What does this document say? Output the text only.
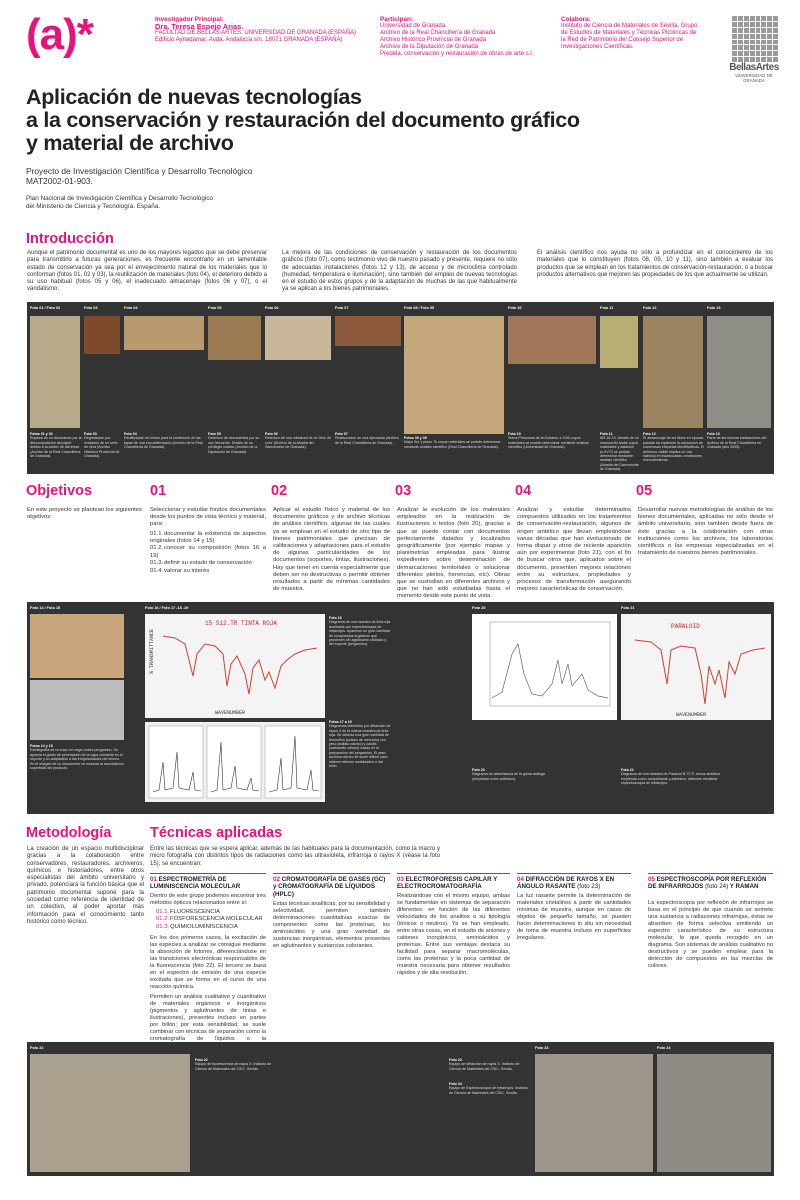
(a)*	Investigador Principal:
Dra. Teresa Espejo Arias.
FACULTAD DE BELLAS ARTES. UNIVERSIDAD DE GRANADA (ESPAÑA)
Edificio Aynadamar. Avda. Andalucía s/n. 18071 GRANADA (ESPAÑA)
Participan:
Universidad de Granada.
Archivo de la Real Chancillería de Granada
Archivo Histórico Provincial de Granada
Archivo de la Diputación de Granada
Predela, conservación y restauración de obras de arte s.l.
Colabora:
Instituto de Ciencia de Materiales de Sevilla. Grupo
de Estudios de Materiales y Técnicas Pictóricas de
la Red de Patrimonio del Consejo Superior de
Investigaciones Científicas.
BellasArtes
UNIVERSIDAD DE GRANADA
Aplicación de nuevas tecnologías
a la conservación y restauración del documento gráfico
y material de archivo
Proyecto de Investigación Científica y Desarrollo Tecnológico
MAT2002-01-903.
Plan Nacional de Investigación Científica y Desarrollo Tecnológico
del Ministerio de Ciencia y Tecnología. España.
Introducción
Aunque el patrimonio documental es uno de los mayores legados que se debe preservar para transmitirlo a futuras generaciones, es frecuente encontrarlo en un lamentable estado de conservación ya sea por el envejecimiento natural de los materiales que lo conforman (fotos 01, 02 y 03), la reutilización de materiales (foto 04), el deterioro debido a su uso habitual (fotos 05 y 06), el inadecuado almacenaje (fotos 06 y 07), o el vandalismo.
La mejora de las condiciones de conservación y restauración de los documentos gráficos (foto 07), como testimonio vivo de nuestro pasado y presente, requiere no sólo de adecuadas instalaciones (fotos 12 y 13), de acceso y de microclima controlado (humedad, temperatura e iluminación), sino también del empleo de nuevas tecnologías en el estudio de estos grupos y de la adaptación de muchas de las que habitualmente ya se aplican a los bienes patrimoniales.
El análisis científico nos ayuda no sólo a profundizar en el conocimiento de los materiales que lo constituyen (fotos 08, 09, 10 y 11), sino también a evaluar los productos que se emplean en los tratamientos de conservación-restauración, o a buscar productos alternativos que mejoren las propiedades de los que actualmente se utilizan.
Foto 01 / Foto 02	Foto 03	Foto 04	Foto 05	Foto 06	Foto 07	Foto 08 / Foto 09	Foto 10	Foto 11	Foto 12	Foto 13
Fotos 01 y 02
Ruptura de un documento por la descomposición del papel debido a la acidez de las tintas (Archivo de la Real Chancillería de Granada).
Foto 03
Degradación por oxidación de un sello de cera (Archivo Histórico Provincial de Granada).
Foto 04
Reutilización de textos para la confección de las tapas de una encuadernación (Archivo de la Real Chancillería de Granada).
Foto 05
Deterioro de documentos por su uso frecuente. Detalle de un privilegio rodado (Archivo de la Diputación de Granada).
Foto 06
Deterioro de una miniatura de un 'libro de coro' (Archivo de la Abadía del Sacromonte de Granada).
Foto 07
Restauración de una ejecutoria (Archivo de la Real Chancillería de Granada).
Fotos 08 y 09
Mapa Sur y plano 7b cuyos materiales se podrán determinar mediante análisis científico (Real Chancillería de Granada).
Foto 10
Suma Primorosa de la Guitarra, s.XVIII cuyos materiales se podrán determinar mediante análisis científico (Universidad de Granada).
Foto 11
MS 16-13. Detalle de un manuscrito árabe cuyos materiales y datación (s.XVI?) se podrán determinar mediante análisis científico (Abadía del Sacromonte de Granada).
Foto 12
El almacenaje de los libros en épocas pasada ha implicado la colocación de numerosas etiquetas identificativas. El deterioro visible implica un uso habitual en inadecuadas condiciones microclimáticas.
Foto 13
Parte de las nuevas instalaciones del Archivo de la Real Chancillería en Granada (año 2005).
Objetivos	01	02	03	04	05
En este proyecto se plantean los siguientes objetivos:
Seleccionar y estudiar fondos documentales desde los puntos de vista técnico y material, para:
01.1.documentar la existencia de aspectos originales (fotos 14 y 15)
01.2.conocer su composición (fotos 16 a 19)
01.3.definir su estado de conservación
01.4.valorar su interés
Aplicar al estudio físico y material de los documentos gráficos y de archivo técnicas de análisis científico, algunas de las cuales ya se emplean en el estudio de otro tipo de bienes patrimoniales que precisan de calibraciones y adaptaciones para el estudio de algunas particularidades de los documentos (soportes, tintas, ilustraciones). Hay que tener en cuenta especialmente que deben ser no destructivas o permitir obtener resultados a partir de mínimas cantidades de muestra.
Analizar la evolución de los materiales empleados en la realización de ilustraciones o textos (foto 20), gracias a que se puede contar con documentos perfectamente datados y localizados geográficamente (por ejemplo mapas y planimetrías empleadas para ilustrar expedientes sobre determinación de demarcaciones territoriales o solucionar diferentes pleitos, herencias, etc). Obras que se custodian en diferentes archivos y que no han sido estudiadas hasta el momento desde este punto de vista.
Analizar y estudiar determinados compuestos utilizados en los tratamientos de conservación-restauración, algunos de origen sintético que llevan empleándose varias décadas que han evolucionado de forma dispar y otros de reciente aparición aún por experimentar (foto 21), con el fin de buscar otros que, aplicados sobre el documento, presenten mejores relaciones entre su estructura, propiedades y procesos de transformación asegurando mejores características de conservación.
Desarrollar nuevas metodologías de análisis de los bienes documentales, aplicadas no sólo desde el ámbito universitario, sino también desde fuera de éste gracias a la colaboración con otras instituciones como los archivos, los laboratorios científicos o las empresas especializadas en el tratamiento de nuestros bienes patrimoniales.
Foto 14 / Foto 15	Foto 16 / Foto 17 -18 -19	Foto 20	Foto 21
15 S12.TR TINTA ROJA
WAVENUMBER
% TRANSMITTANCE
PARALOID
WAVENUMBER
Foto 16
Diagrama de una muestra de tinta roja analizada con espectroscopia de infrarrojos. Aparecen un gran cantidad de compuestos orgánicos que provienen del aglutinante utilizado y del soporte (pergamino).
Fotos 14 y 15
Estratigrafía de un trazo en negro sobre pergamino. Se aprecia el grado de penetración de la capa colorante en el soporte y su adaptación a las irregularidades del mismo. En el margen de un documento se muestra la acumulación superficial del producto.
Fotos 17 a 19
Diagramas obtenidos por difracción de rayos X de la misma muestra de tinta roja. Se detecta una gran cantidad de bermellón (sulfuro de mercurio) con yeso (sulfato cálcico) y calcita (carbonato cálcico) usado en la preparación del pergamino. El yeso alumina cálcico se suele utilizar para obtener efectos metalizados o dar brillo.
Foto 20
Diagrama de absorbancia de la goma arábiga (empleada como adhesivo).
Foto 21
Diagrama de una muestra de Paraloid B-72 ®, resina sintética empleada como consolidante y adhesivo, obtenido mediante espectroscopia de infrarrojos.
Metodología
La creación de un espacio multidisciplinar gracias a la colaboración entre conservadores, restauradores, archiveros, químicos e historiadores, entre otros especialistas del ámbito universitario y privado, potenciará la función básica que el patrimonio documental supone para la sociedad como referencia de identidad de un colectivo, al poder aportar más información para el conocimiento tanto histórico como técnico.
Técnicas aplicadas
Entre las técnicas que se espera aplicar, además de las habituales para la documentación, como la macro y micro fotografía con distintos tipos de radiaciones como las ultravioleta, infrarroja o rayos X (véase la foto 15), se encuentran:
01 ESPECTROMETRÍA DE LUMINISCENCIA MOLECULAR
Dentro de este grupo podemos encontrar tres métodos ópticos relacionados entre sí:
01.1.FLUORESCENCIA
01.2.FOSFORESCENCIA MOLECULAR
01.3.QUIMIOLUMINISCENCIA
En los dos primeros casos, la excitación de las especies a analizar se consigue mediante la absorción de fotones, diferenciándose en las transiciones electrónicas responsables de la fluorescencia (foto 22). El tercero se basa en el espectro de emisión de una especie excitada que se forma en el curso de una reacción química.
Permiten un análisis cualitativo y cuantitativo de materiales orgánicos e inorgánicos (pigmentos y aglutinantes de tintas e ilustraciones), presentes incluso en partes por billón; por esta sensibilidad, se suele combinar con técnicas de separación como la cromatografía de líquidos o la
02 CROMATOGRAFÍA DE GASES (GC) y CROMATOGRAFÍA DE LÍQUIDOS (HPLC)
Estas técnicas analíticas, por su sensibilidad y selectividad, permiten también determinaciones cuantitativas exactas de componentes como las proteínas, los aminoácidos y una gran variedad de sustancias inorgánicas, elementos presentes en aglutinantes y sustancias colorantes.
03 ELECTROFORESIS CAPILAR Y ELECTROCROMATOGRAFÍA
Realizándose con el mismo equipo, ambas se fundamentan en sistemas de separación diferentes: en función de las diferentes velocidades de los analitos o su tipología (iónicos o neutros). Ya se han empleado, entre otras cosas, en el estudio de aniones y cationes inorgánicos, aminoácidos y proteínas. Entre sus ventajas destaca su facilidad para separar macromoléculas, como las proteínas y la poca cantidad de muestra necesaria para obtener resultados rápidos y de alta resolución.
04 DIFRACCIÓN DE RAYOS X EN ÁNGULO RASANTE (foto 23)
La luz rasante permite la determinación de materiales cristalinos a partir de cantidades mínimas de muestra, aunque en casos de objetos de pequeño tamaño, se pueden hacer determinaciones in situ sin necesidad de toma de muestra incluso en superficies irregulares.
05 ESPECTROSCOPÍA POR REFLEXIÓN DE INFRARROJOS (foto 24) Y RAMAN
La espectroscopia por reflexión de infrarrojos se basa en el principio de que cuando se somete una sustancia a radiaciones infrarrojas, éstas se absorben de forma selectiva emitiendo un espectro característico de su estructura molecular, lo que queda recogido en un diagrama. Son sistemas de análisis cualitativo no destructivos y se pueden emplear para la detección de compuestos en las mezclas de colores.
Foto 22	Foto 23	Foto 24
Foto 22
Equipo de fluorescencia de rayos X. Instituto de Ciencia de Materiales del CSIC, Sevilla.
Foto 23
Equipo de difracción de rayos X. Instituto de Ciencia de Materiales del CSIC, Sevilla.
Foto 24
Equipo de Espectroscopía de Infrarrojos. Instituto de Ciencia de Materiales del CSIC, Sevilla.
